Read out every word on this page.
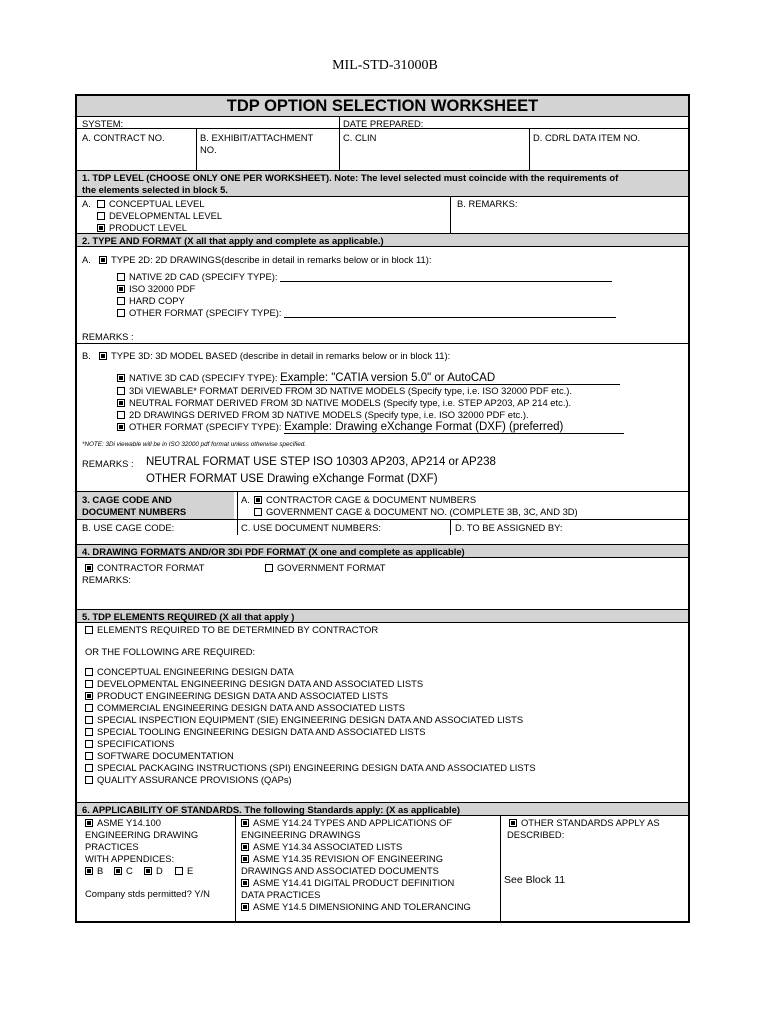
MIL-STD-31000B
TDP OPTION SELECTION WORKSHEET
SYSTEM:	DATE PREPARED:
A. CONTRACT NO.	B. EXHIBIT/ATTACHMENT
NO.
C. CLIN	D. CDRL DATA ITEM NO.
1. TDP LEVEL (CHOOSE ONLY ONE PER WORKSHEET). Note: The level selected must coincide with the requirements of
the elements selected in block 5.
A.	CONCEPTUAL LEVEL
DEVELOPMENTAL LEVEL
PRODUCT LEVEL
B. REMARKS:
2. TYPE AND FORMAT (X all that apply and complete as applicable.)
A.	TYPE 2D: 2D DRAWINGS(describe in detail in remarks below or in block 11):
NATIVE 2D CAD (SPECIFY TYPE):
ISO 32000 PDF
HARD COPY
OTHER FORMAT (SPECIFY TYPE):
REMARKS :
B.	TYPE 3D: 3D MODEL BASED (describe in detail in remarks below or in block 11):
NATIVE 3D CAD (SPECIFY TYPE): Example: "CATIA version 5.0" or AutoCAD
3Di VIEWABLE* FORMAT DERIVED FROM 3D NATIVE MODELS (Specify type, i.e. ISO 32000 PDF etc.).
NEUTRAL FORMAT DERIVED FROM 3D NATIVE MODELS (Specify type, i.e. STEP AP203, AP 214 etc.).
2D DRAWINGS DERIVED FROM 3D NATIVE MODELS (Specify type, i.e. ISO 32000 PDF etc.).
OTHER FORMAT (SPECIFY TYPE): Example: Drawing eXchange Format (DXF) (preferred)
*NOTE: 3Di viewable will be in ISO 32000 pdf format unless otherwise specified.
REMARKS : NEUTRAL FORMAT USE STEP ISO 10303 AP203, AP214 or AP238
OTHER FORMAT USE Drawing eXchange Format (DXF)
3. CAGE CODE AND
DOCUMENT NUMBERS
A.	CONTRACTOR CAGE & DOCUMENT NUMBERS
GOVERNMENT CAGE & DOCUMENT NO. (COMPLETE 3B, 3C, AND 3D)
B. USE CAGE CODE:	C. USE DOCUMENT NUMBERS:	D. TO BE ASSIGNED BY:
4. DRAWING FORMATS AND/OR 3Di PDF FORMAT (X one and complete as applicable)
CONTRACTOR FORMAT	GOVERNMENT FORMAT
REMARKS:
5. TDP ELEMENTS REQUIRED (X all that apply )
ELEMENTS REQUIRED TO BE DETERMINED BY CONTRACTOR
OR THE FOLLOWING ARE REQUIRED:
CONCEPTUAL ENGINEERING DESIGN DATA
DEVELOPMENTAL ENGINEERING DESIGN DATA AND ASSOCIATED LISTS
PRODUCT ENGINEERING DESIGN DATA AND ASSOCIATED LISTS
COMMERCIAL ENGINEERING DESIGN DATA AND ASSOCIATED LISTS
SPECIAL INSPECTION EQUIPMENT (SIE) ENGINEERING DESIGN DATA AND ASSOCIATED LISTS
SPECIAL TOOLING ENGINEERING DESIGN DATA AND ASSOCIATED LISTS
SPECIFICATIONS
SOFTWARE DOCUMENTATION
SPECIAL PACKAGING INSTRUCTIONS (SPI) ENGINEERING DESIGN DATA AND ASSOCIATED LISTS
QUALITY ASSURANCE PROVISIONS (QAPs)
6. APPLICABILITY OF STANDARDS. The following Standards apply: (X as applicable)
ASME Y14.100
ENGINEERING DRAWING
PRACTICES
WITH APPENDICES:
B	C	D	E
Company stds permitted? Y/N
ASME Y14.24 TYPES AND APPLICATIONS OF
ENGINEERING DRAWINGS
ASME Y14.34 ASSOCIATED LISTS
ASME Y14.35 REVISION OF ENGINEERING
DRAWINGS AND ASSOCIATED DOCUMENTS
ASME Y14.41 DIGITAL PRODUCT DEFINITION
DATA PRACTICES
ASME Y14.5 DIMENSIONING AND TOLERANCING
OTHER STANDARDS APPLY AS
DESCRIBED:
See Block 11
